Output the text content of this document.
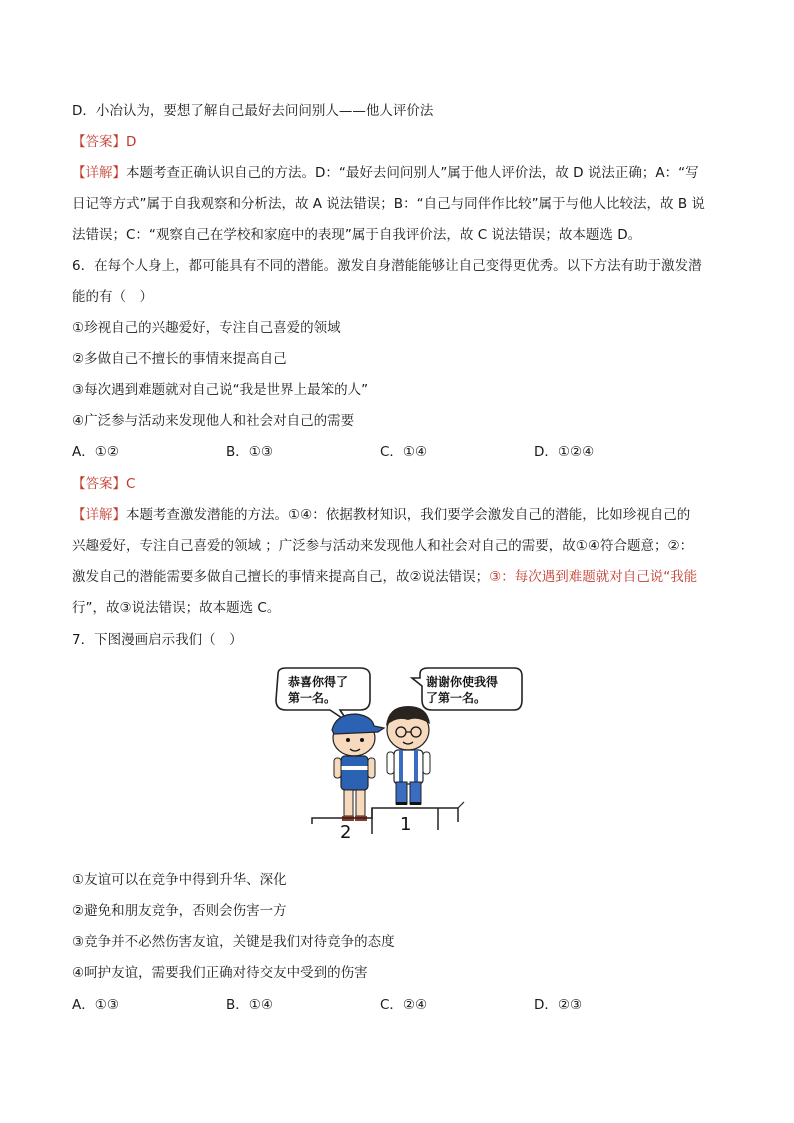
D．小冶认为，要想了解自己最好去问问别人——他人评价法
【答案】D
【详解】本题考查正确认识自己的方法。D：“最好去问问别人”属于他人评价法，故 D 说法正确；A：“写
日记等方式”属于自我观察和分析法，故 A 说法错误；B：“自己与同伴作比较”属于与他人比较法，故 B 说
法错误；C：“观察自己在学校和家庭中的表现”属于自我评价法，故 C 说法错误；故本题选 D。
6．在每个人身上，都可能具有不同的潜能。激发自身潜能能够让自己变得更优秀。以下方法有助于激发潜
能的有（　）
①珍视自己的兴趣爱好，专注自己喜爱的领域
②多做自己不擅长的事情来提高自己
③每次遇到难题就对自己说“我是世界上最笨的人”
④广泛参与活动来发现他人和社会对自己的需要
A．①②	B．①③	C．①④	D．①②④
【答案】C
【详解】本题考查激发潜能的方法。①④：依据教材知识，我们要学会激发自己的潜能，比如珍视自己的
兴趣爱好，专注自己喜爱的领域 ；广泛参与活动来发现他人和社会对自己的需要，故①④符合题意；②：
激发自己的潜能需要多做自己擅长的事情来提高自己，故②说法错误；③：每次遇到难题就对自己说“我能
行”，故③说法错误；故本题选 C。
7．下图漫画启示我们（　）
恭喜你得了
第一名。
谢谢你使我得
了第一名。
2	1
①友谊可以在竞争中得到升华、深化
②避免和朋友竞争，否则会伤害一方
③竞争并不必然伤害友谊，关键是我们对待竞争的态度
④呵护友谊，需要我们正确对待交友中受到的伤害
A．①③	B．①④	C．②④	D．②③
